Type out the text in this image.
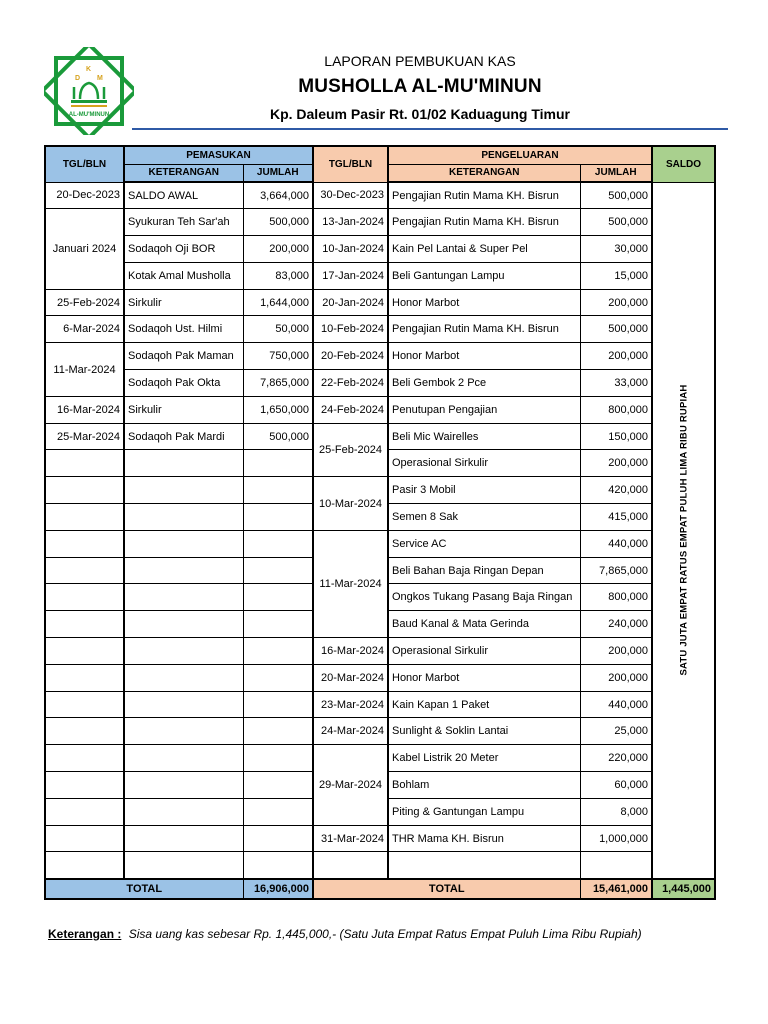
D
K
M
AL-MU'MINUN
LAPORAN PEMBUKUAN KAS
MUSHOLLA AL-MU'MINUN
Kp. Daleum Pasir Rt. 01/02 Kaduagung Timur
TGL/BLN	PEMASUKAN		TGL/BLN	PENGELUARAN		SALDO
	KETERANGAN	JUMLAH		KETERANGAN	JUMLAH	
20-Dec-2023	SALDO AWAL	3,664,000	30-Dec-2023	Pengajian Rutin Mama KH. Bisrun	500,000	SATU JUTA EMPAT RATUS EMPAT PULUH LIMA RIBU RUPIAH

Januari 2024	Syukuran Teh Sar'ah	500,000	13-Jan-2024	Pengajian Rutin Mama KH. Bisrun	500,000	
	Sodaqoh Oji BOR	200,000	10-Jan-2024	Kain Pel Lantai & Super Pel	30,000	
	Kotak Amal Musholla	83,000	17-Jan-2024	Beli Gantungan Lampu	15,000	
25-Feb-2024	Sirkulir	1,644,000	20-Jan-2024	Honor Marbot	200,000	
6-Mar-2024	Sodaqoh Ust. Hilmi	50,000	10-Feb-2024	Pengajian Rutin Mama KH. Bisrun	500,000	
11-Mar-2024	Sodaqoh Pak Maman	750,000	20-Feb-2024	Honor Marbot	200,000	
	Sodaqoh Pak Okta	7,865,000	22-Feb-2024	Beli Gembok 2 Pce	33,000	
16-Mar-2024	Sirkulir	1,650,000	24-Feb-2024	Penutupan Pengajian	800,000	
25-Mar-2024	Sodaqoh Pak Mardi	500,000	25-Feb-2024	Beli Mic Wairelles	150,000	
				Operasional Sirkulir	200,000	
			10-Mar-2024	Pasir 3 Mobil	420,000	
				Semen 8 Sak	415,000	
			11-Mar-2024	Service AC	440,000	
				Beli Bahan Baja Ringan Depan	7,865,000	
				Ongkos Tukang Pasang Baja Ringan	800,000	
				Baud Kanal & Mata Gerinda	240,000	
			16-Mar-2024	Operasional Sirkulir	200,000	
			20-Mar-2024	Honor Marbot	200,000	
			23-Mar-2024	Kain Kapan 1 Paket	440,000	
			24-Mar-2024	Sunlight & Soklin Lantai	25,000	
			29-Mar-2024	Kabel Listrik 20 Meter	220,000	
				Bohlam	60,000	
				Piting & Gantungan Lampu	8,000	
			31-Mar-2024	THR Mama KH. Bisrun	1,000,000	

TOTAL		16,906,000	TOTAL		15,461,000	1,445,000
Keterangan : Sisa uang kas sebesar Rp. 1,445,000,- (Satu Juta Empat Ratus Empat Puluh Lima Ribu Rupiah)
